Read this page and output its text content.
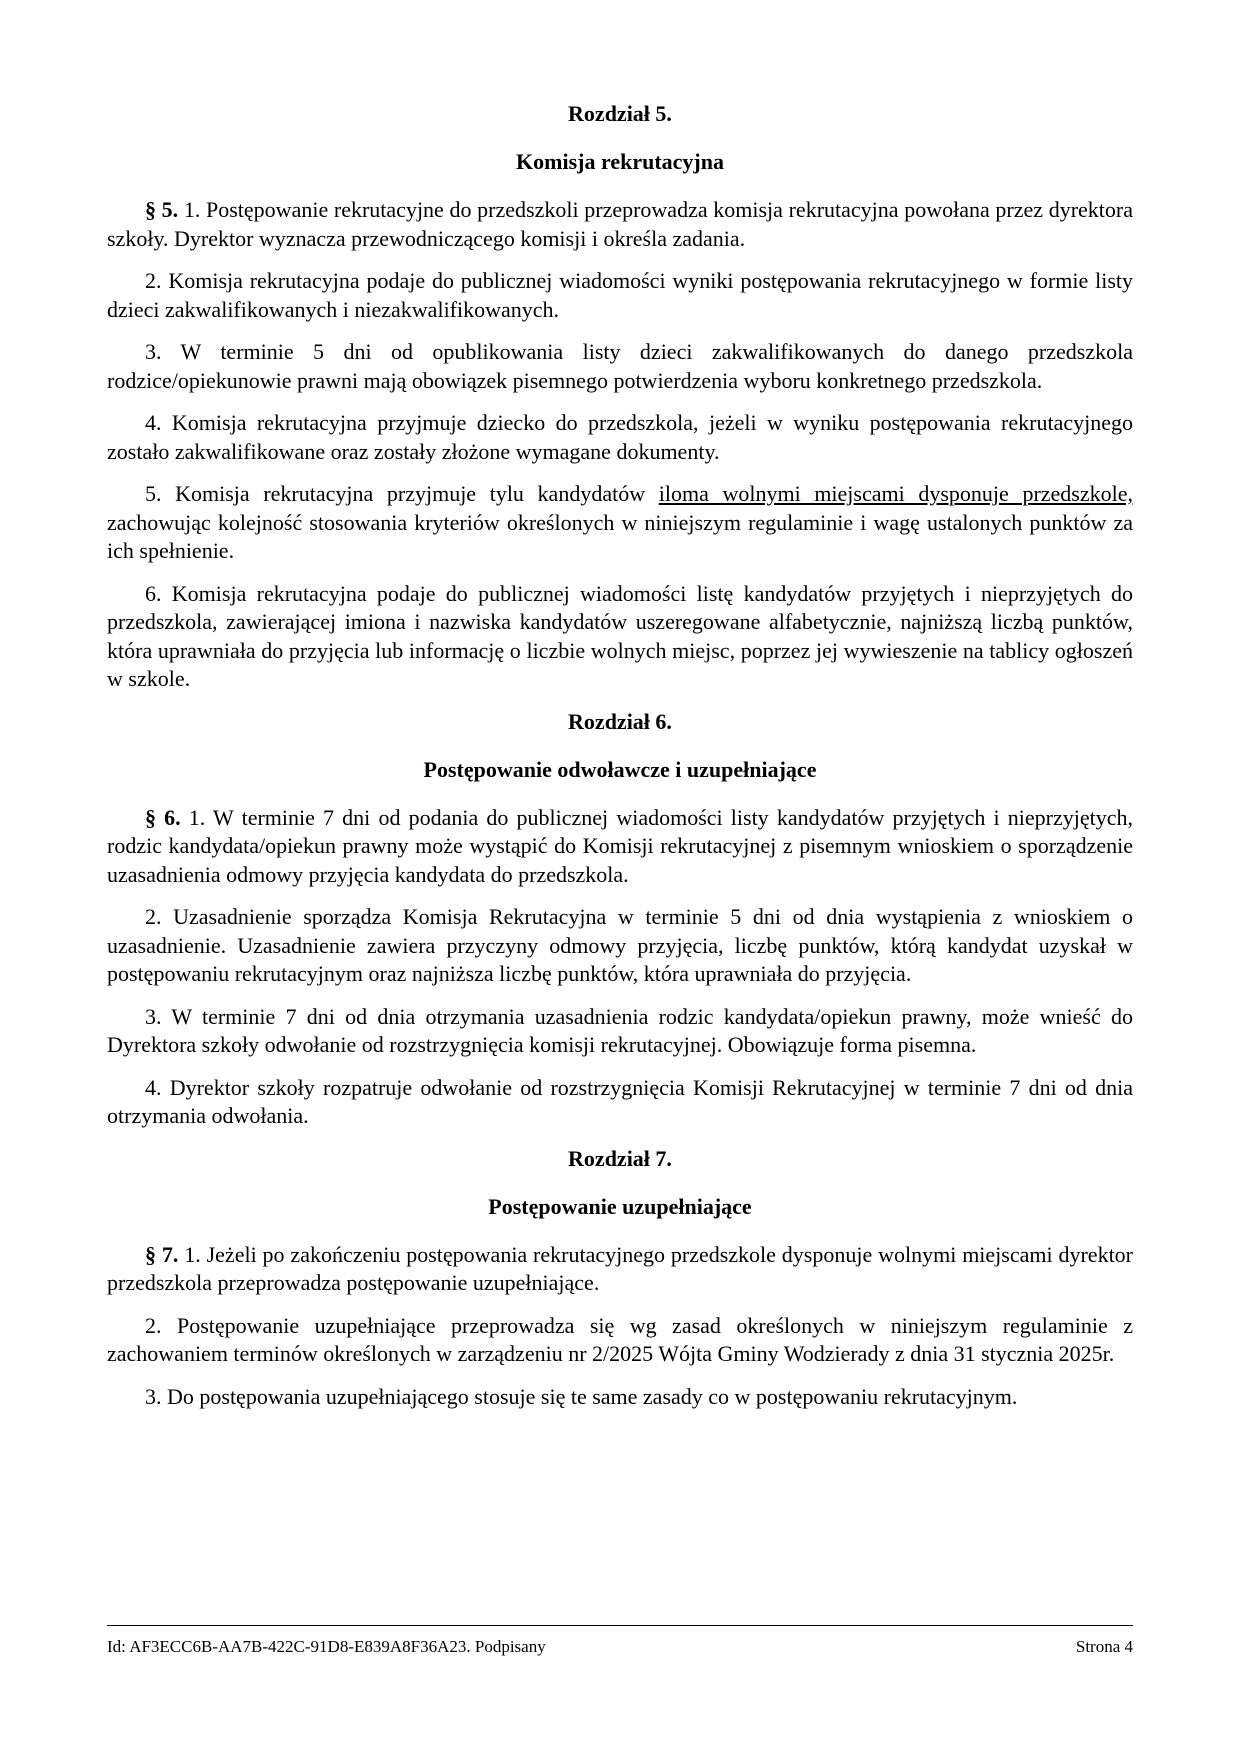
Rozdział 5.

Komisja rekrutacyjna

§ 5. 1. Postępowanie rekrutacyjne do przedszkoli przeprowadza komisja rekrutacyjna powołana przez dyrektora szkoły. Dyrektor wyznacza przewodniczącego komisji i określa zadania.

2. Komisja rekrutacyjna podaje do publicznej wiadomości wyniki postępowania rekrutacyjnego w formie listy dzieci zakwalifikowanych i niezakwalifikowanych.

3. W terminie 5 dni od opublikowania listy dzieci zakwalifikowanych do danego przedszkola rodzice/opiekunowie prawni mają obowiązek pisemnego potwierdzenia wyboru konkretnego przedszkola.

4. Komisja rekrutacyjna przyjmuje dziecko do przedszkola, jeżeli w wyniku postępowania rekrutacyjnego zostało zakwalifikowane oraz zostały złożone wymagane dokumenty.

5. Komisja rekrutacyjna przyjmuje tylu kandydatów iloma wolnymi miejscami dysponuje przedszkole, zachowując kolejność stosowania kryteriów określonych w niniejszym regulaminie i wagę ustalonych punktów za ich spełnienie.

6. Komisja rekrutacyjna podaje do publicznej wiadomości listę kandydatów przyjętych i nieprzyjętych do przedszkola, zawierającej imiona i nazwiska kandydatów uszeregowane alfabetycznie, najniższą liczbą punktów, która uprawniała do przyjęcia lub informację o liczbie wolnych miejsc, poprzez jej wywieszenie na tablicy ogłoszeń w szkole.

Rozdział 6.

Postępowanie odwoławcze i uzupełniające

§ 6. 1. W terminie 7 dni od podania do publicznej wiadomości listy kandydatów przyjętych i nieprzyjętych, rodzic kandydata/opiekun prawny może wystąpić do Komisji rekrutacyjnej z pisemnym wnioskiem o sporządzenie uzasadnienia odmowy przyjęcia kandydata do przedszkola.

2. Uzasadnienie sporządza Komisja Rekrutacyjna w terminie 5 dni od dnia wystąpienia z wnioskiem o uzasadnienie. Uzasadnienie zawiera przyczyny odmowy przyjęcia, liczbę punktów, którą kandydat uzyskał w postępowaniu rekrutacyjnym oraz najniższa liczbę punktów, która uprawniała do przyjęcia.

3. W terminie 7 dni od dnia otrzymania uzasadnienia rodzic kandydata/opiekun prawny, może wnieść do Dyrektora szkoły odwołanie od rozstrzygnięcia komisji rekrutacyjnej. Obowiązuje forma pisemna.

4. Dyrektor szkoły rozpatruje odwołanie od rozstrzygnięcia Komisji Rekrutacyjnej w terminie 7 dni od dnia otrzymania odwołania.

Rozdział 7.

Postępowanie uzupełniające

§ 7. 1. Jeżeli po zakończeniu postępowania rekrutacyjnego przedszkole dysponuje wolnymi miejscami dyrektor przedszkola przeprowadza postępowanie uzupełniające.

2. Postępowanie uzupełniające przeprowadza się wg zasad określonych w niniejszym regulaminie z zachowaniem terminów określonych w zarządzeniu nr 2/2025 Wójta Gminy Wodzierady z dnia 31 stycznia 2025r.

3. Do postępowania uzupełniającego stosuje się te same zasady co w postępowaniu rekrutacyjnym.

Id: AF3ECC6B-AA7B-422C-91D8-E839A8F36A23. Podpisany	Strona 4
